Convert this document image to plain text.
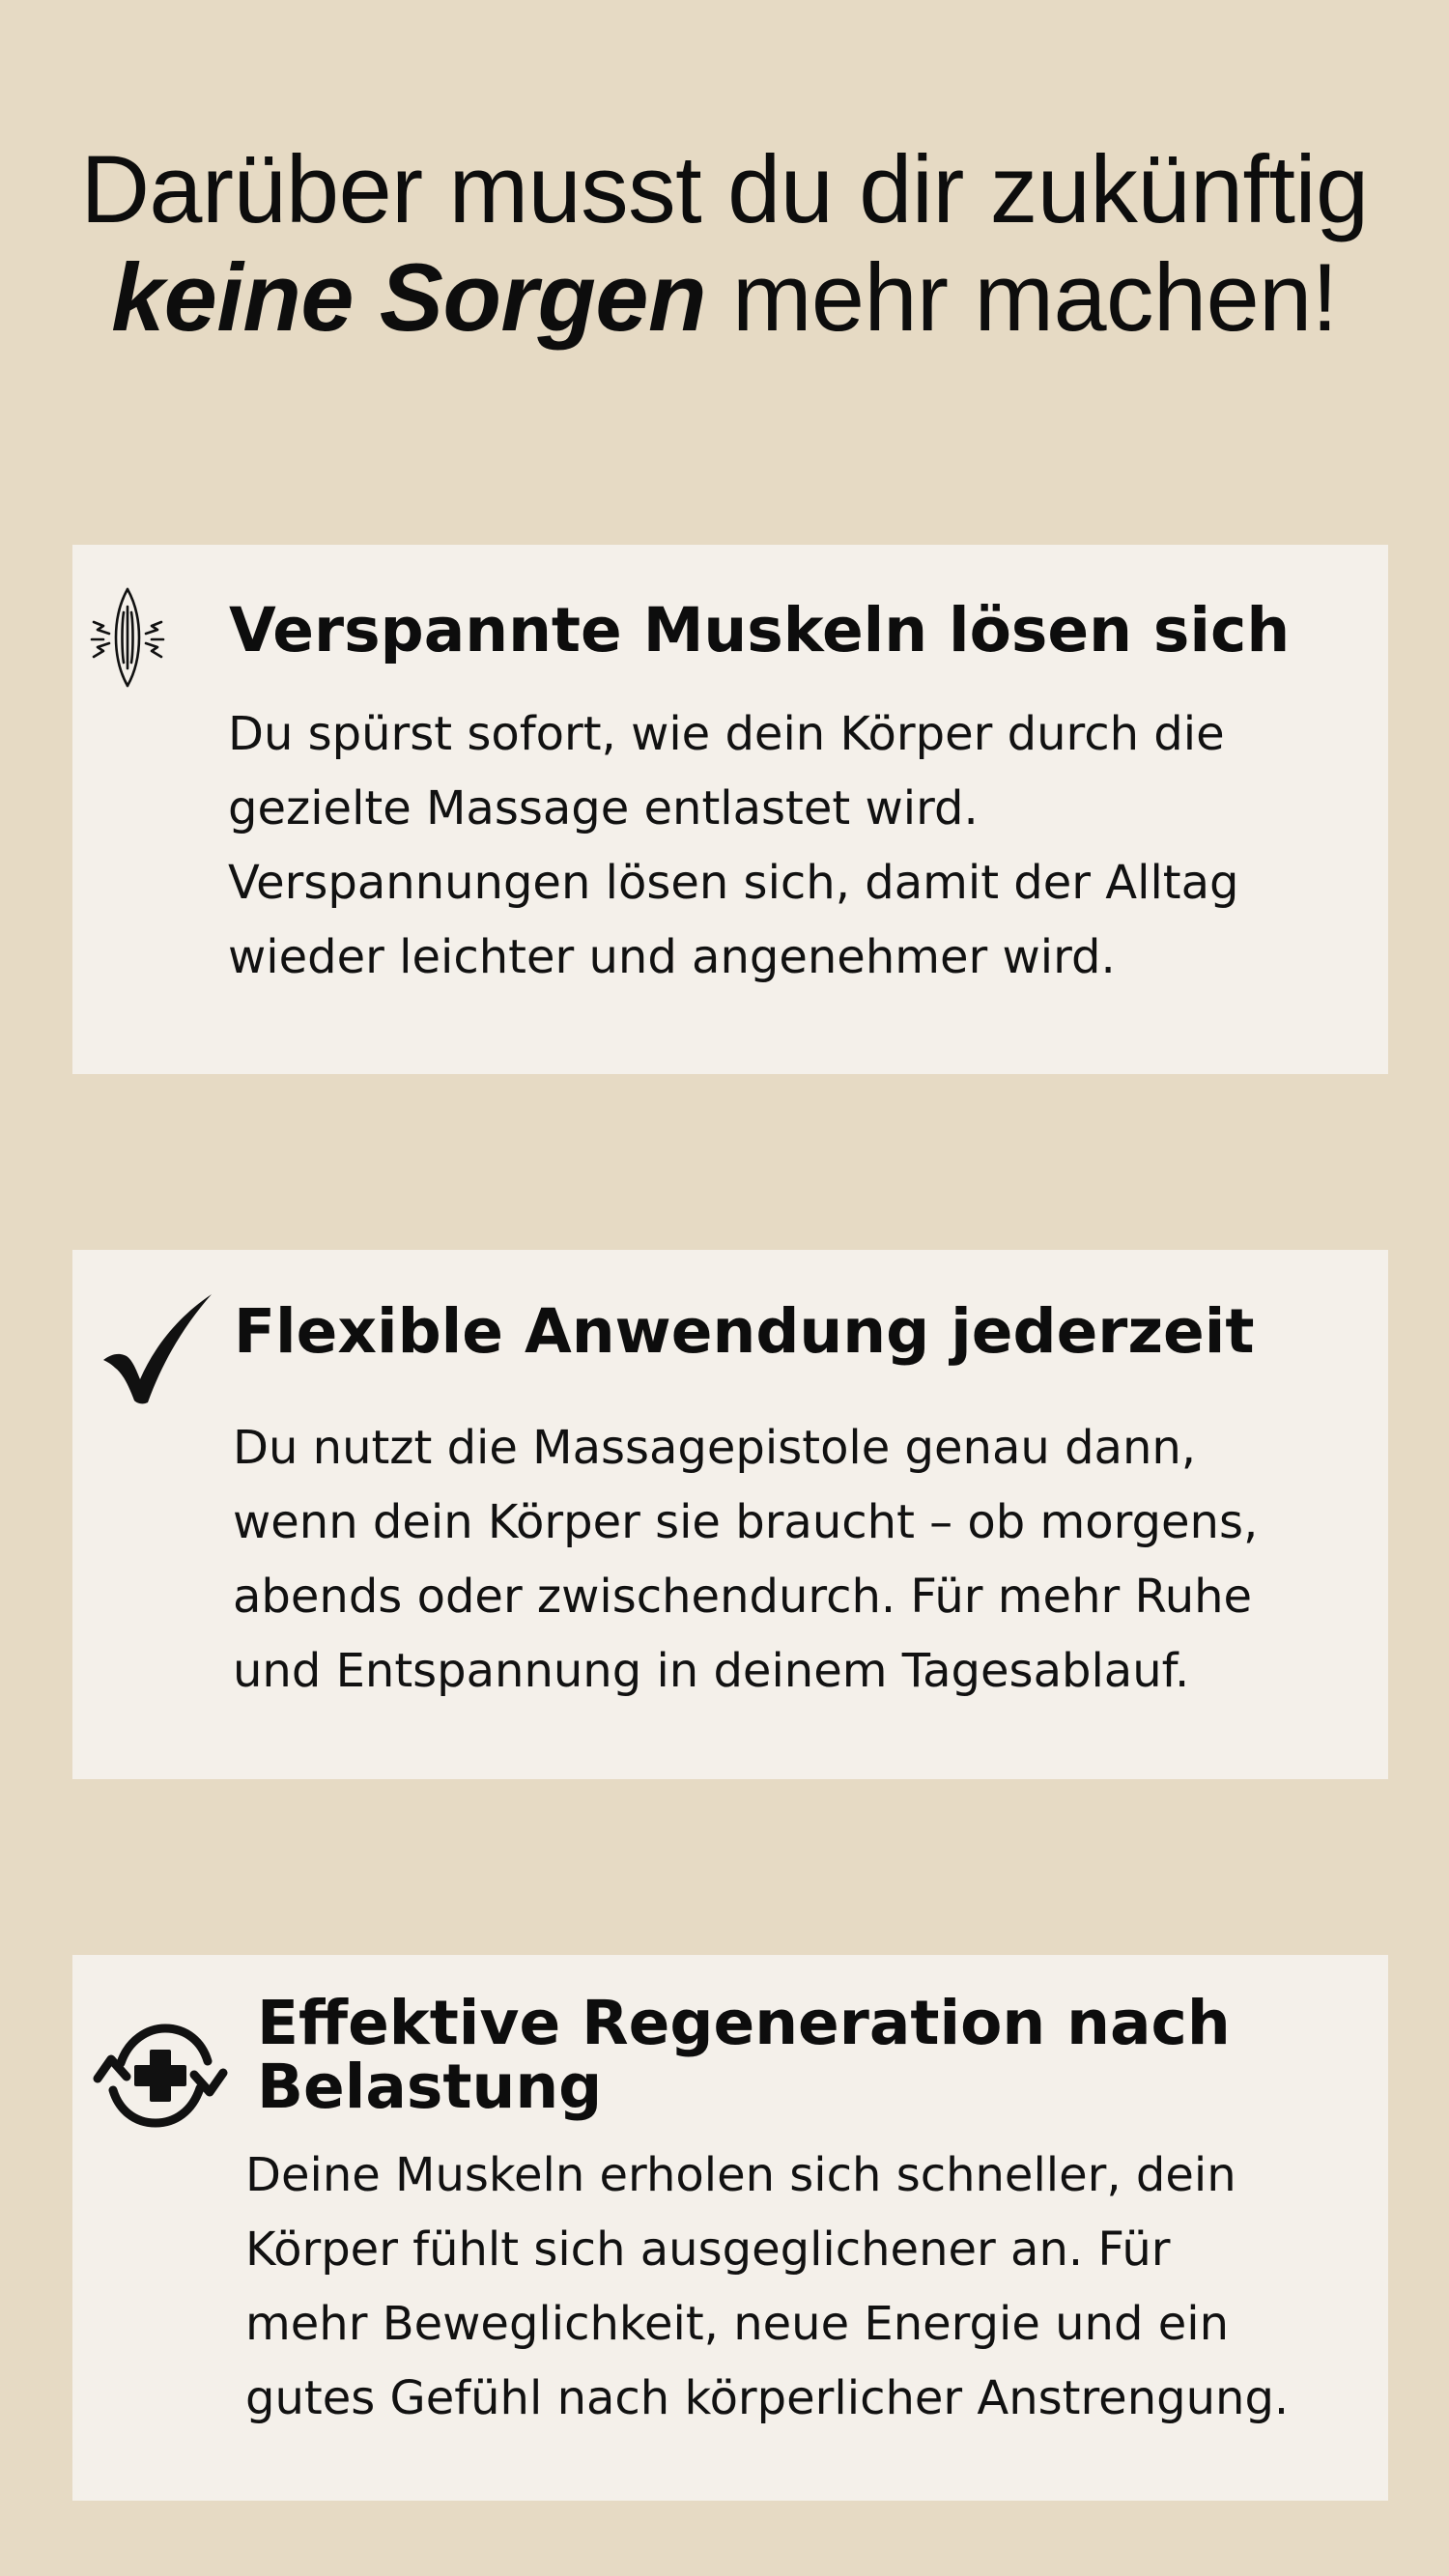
Darüber musst du dir zukünftig
keine Sorgen mehr machen!
Verspannte Muskeln lösen sich

Du spürst sofort, wie dein Körper durch die
gezielte Massage entlastet wird.
Verspannungen lösen sich, damit der Alltag
wieder leichter und angenehmer wird.

Flexible Anwendung jederzeit

Du nutzt die Massagepistole genau dann,
wenn dein Körper sie braucht – ob morgens,
abends oder zwischendurch. Für mehr Ruhe
und Entspannung in deinem Tagesablauf.

Effektive Regeneration nach
Belastung

Deine Muskeln erholen sich schneller, dein
Körper fühlt sich ausgeglichener an. Für
mehr Beweglichkeit, neue Energie und ein
gutes Gefühl nach körperlicher Anstrengung.
